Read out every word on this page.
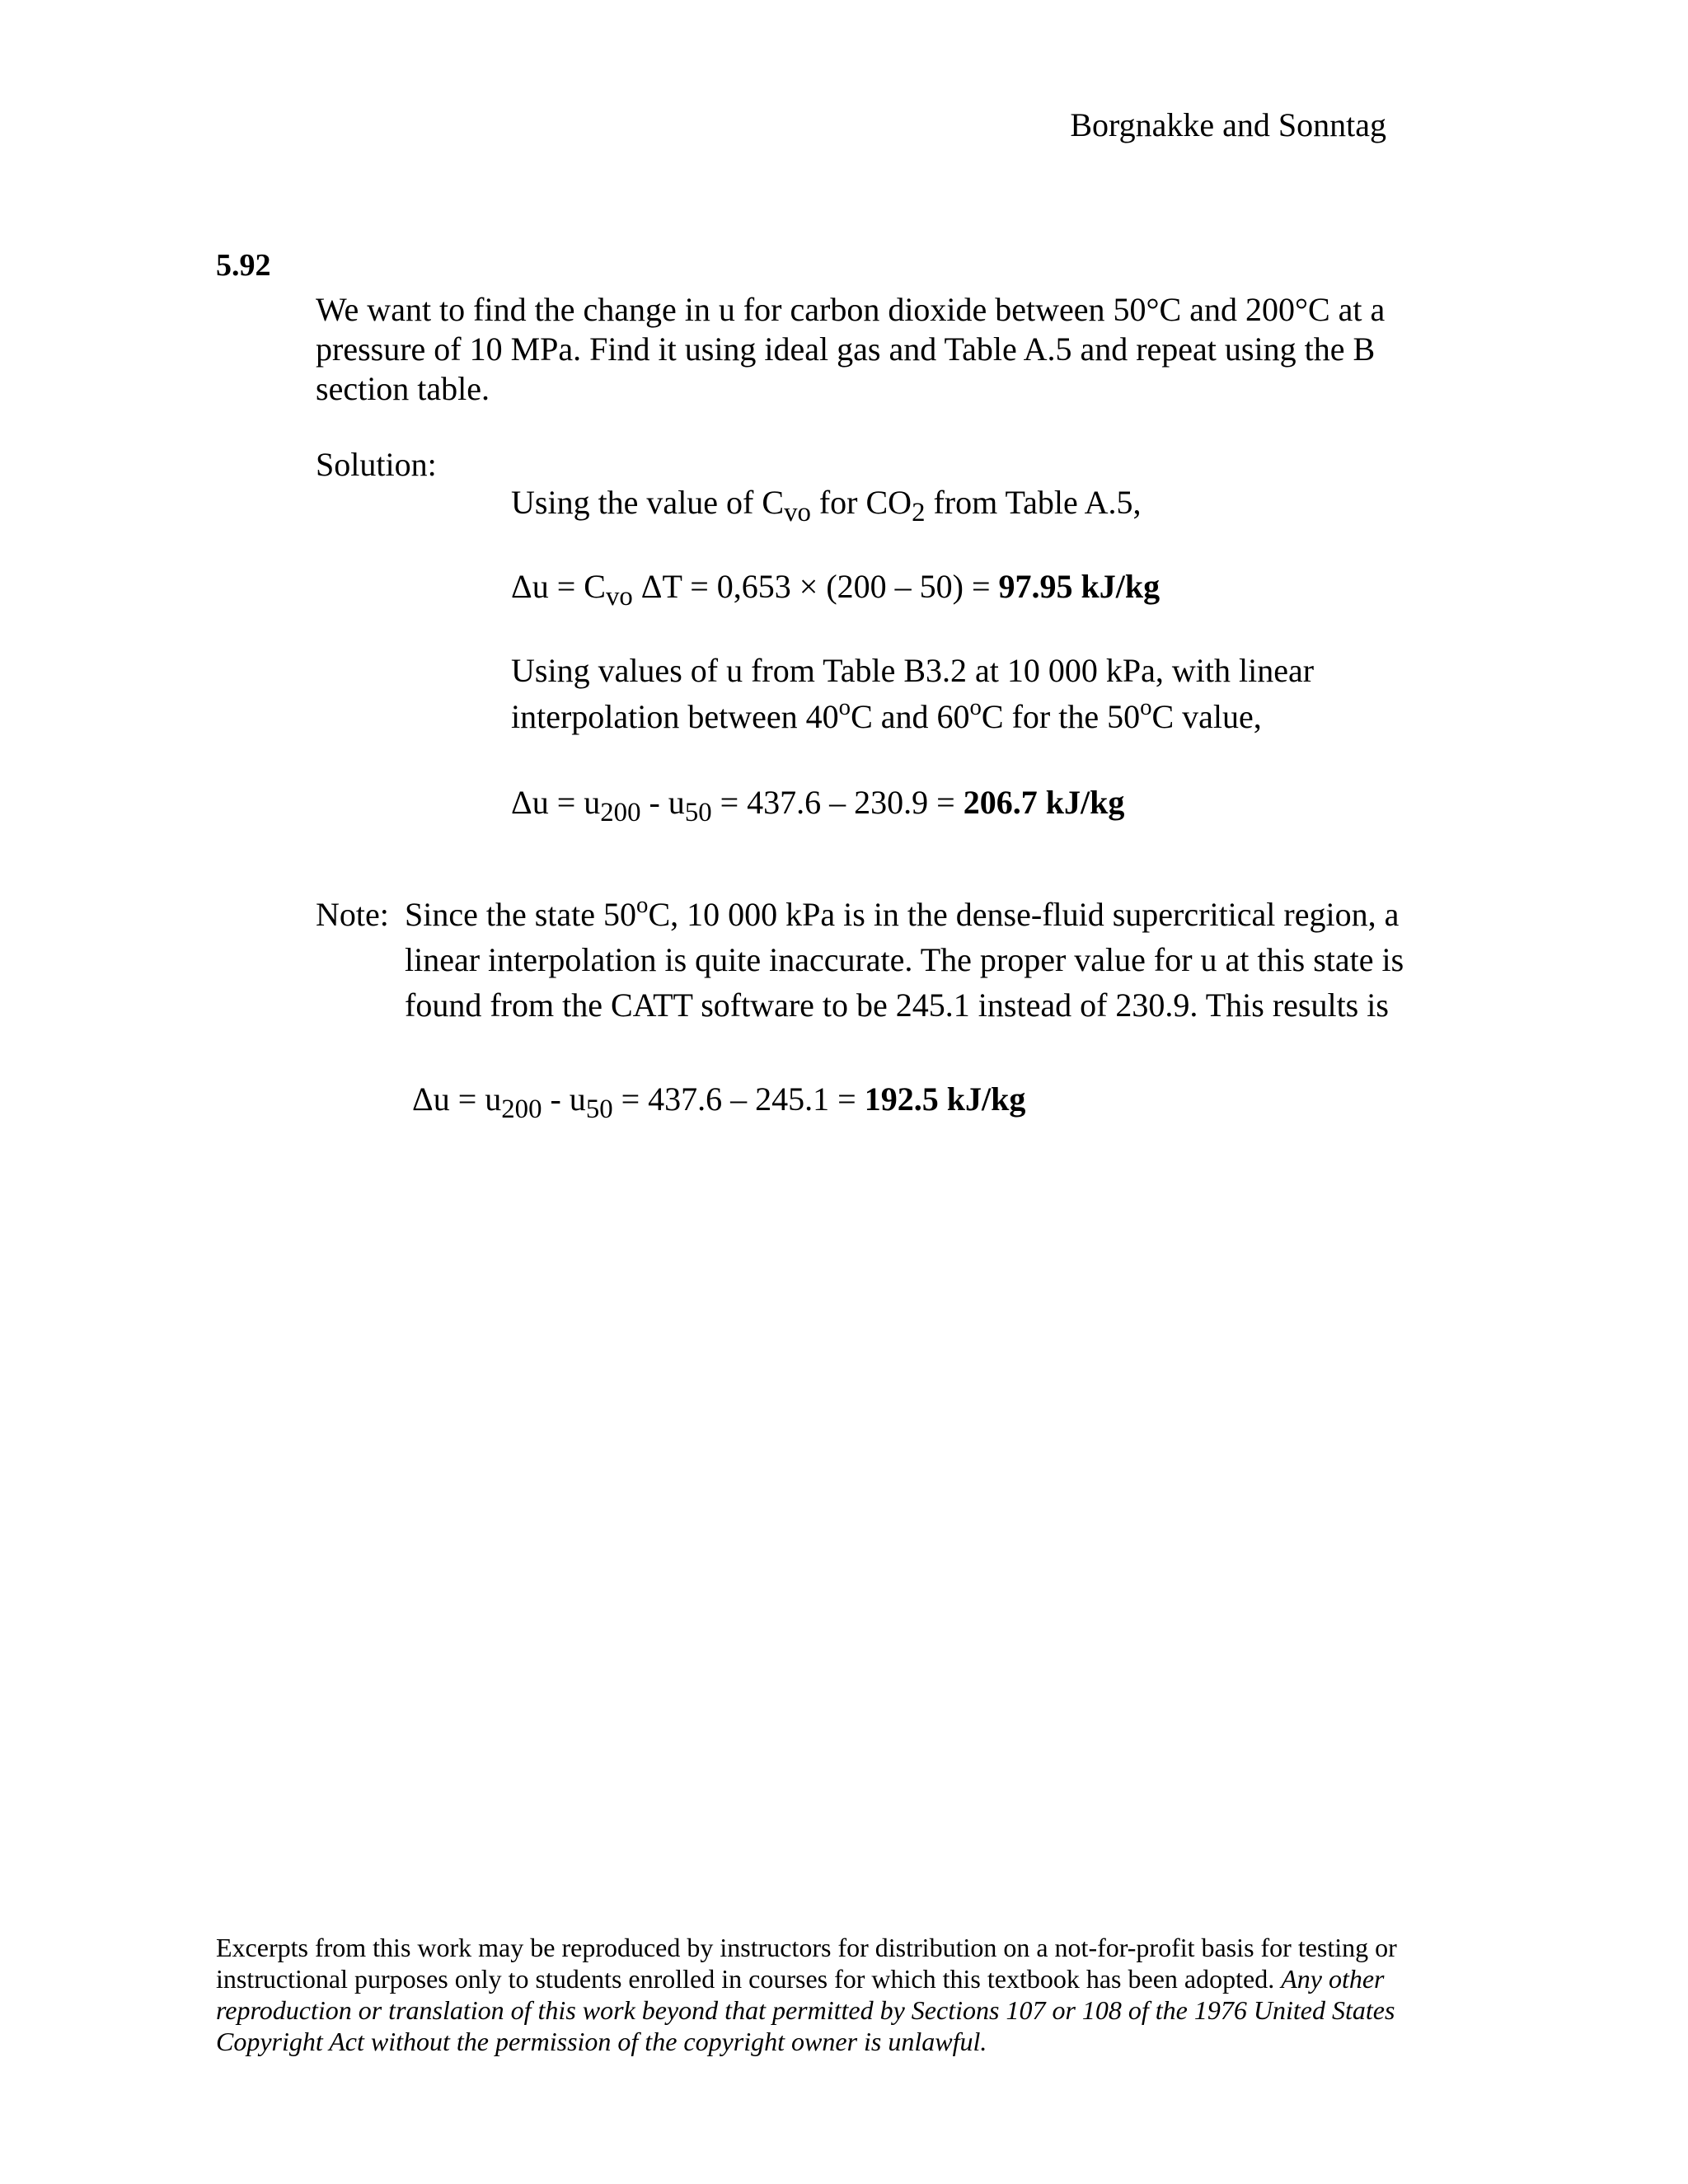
Borgnakke and Sonntag
5.92
We want to find the change in u for carbon dioxide between 50°C and 200°C at a
pressure of 10 MPa. Find it using ideal gas and Table A.5 and repeat using the B
section table.
Solution:
Using the value of $C_{vo}$ for $CO_2$ from Table A.5,
$\Delta u = C_{vo}$ ΔT = 0,653 × (200 – 50) = 97.95 kJ/kg
Using values of u from Table B3.2 at 10 000 kPa, with linear
interpolation between 40$^o$C and 60$^o$C for the 50$^o$C value,
$\Delta u = u_{200} - u_{50} = 437.6 - 230.9 = 206.7$ kJ/kg
Note: Since the state 50$^o$C, 10 000 kPa is in the dense-fluid supercritical region, a
linear interpolation is quite inaccurate. The proper value for u at this state is
found from the CATT software to be 245.1 instead of 230.9. This results is
$\Delta u = u_{200} - u_{50} = 437.6 - 245.1 = 192.5$ kJ/kg
Excerpts from this work may be reproduced by instructors for distribution on a not-for-profit basis for testing or
instructional purposes only to students enrolled in courses for which this textbook has been adopted. Any other
reproduction or translation of this work beyond that permitted by Sections 107 or 108 of the 1976 United States
Copyright Act without the permission of the copyright owner is unlawful.
